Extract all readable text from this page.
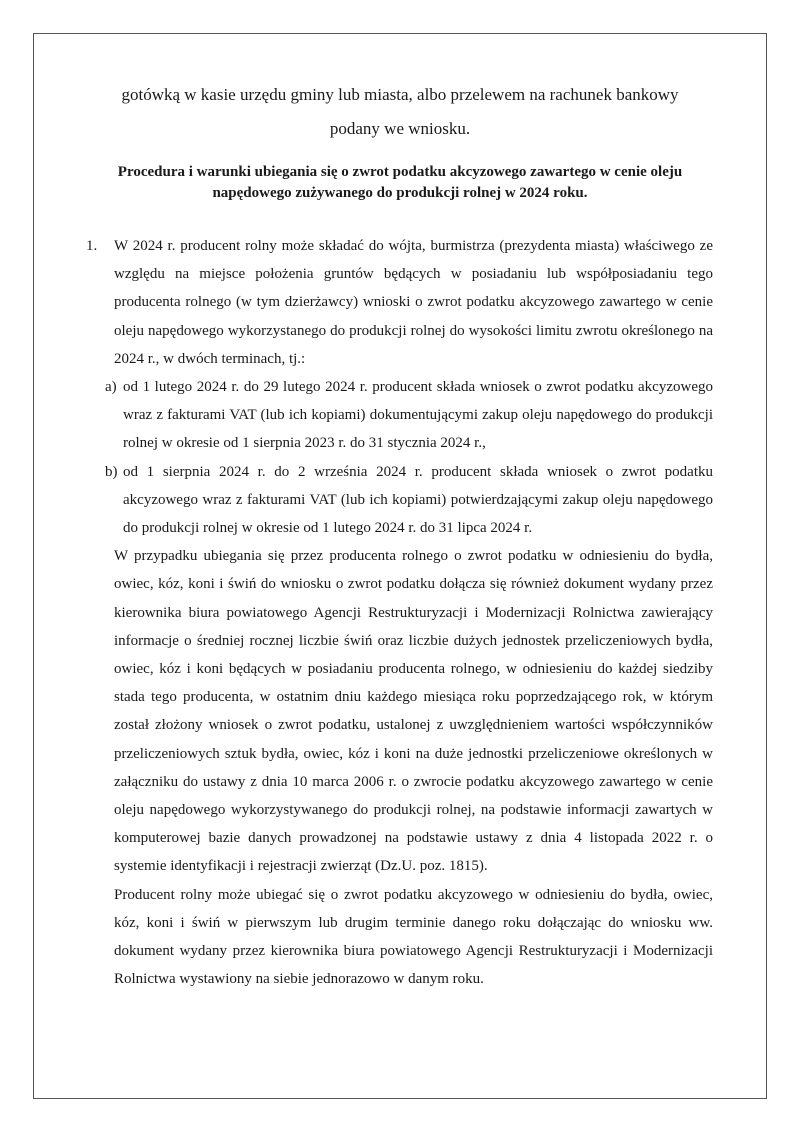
gotówką w kasie urzędu gminy lub miasta, albo przelewem na rachunek bankowy

podany we wniosku.

Procedura i warunki ubiegania się o zwrot podatku akcyzowego zawartego w cenie oleju napędowego zużywanego do produkcji rolnej w 2024 roku.
1.	W 2024 r. producent rolny może składać do wójta, burmistrza (prezydenta miasta) właściwego ze względu na miejsce położenia gruntów będących w posiadaniu lub współposiadaniu tego producenta rolnego (w tym dzierżawcy) wnioski o zwrot podatku akcyzowego zawartego w cenie oleju napędowego wykorzystanego do produkcji rolnej do wysokości limitu zwrotu określonego na 2024 r., w dwóch terminach, tj.:
a) od 1 lutego 2024 r. do 29 lutego 2024 r. producent składa wniosek o zwrot podatku akcyzowego wraz z fakturami VAT (lub ich kopiami) dokumentującymi zakup oleju napędowego do produkcji rolnej w okresie od 1 sierpnia 2023 r. do 31 stycznia 2024 r.,
b) od 1 sierpnia 2024 r. do 2 września 2024 r. producent składa wniosek o zwrot podatku akcyzowego wraz z fakturami VAT (lub ich kopiami) potwierdzającymi zakup oleju napędowego do produkcji rolnej w okresie od 1 lutego 2024 r. do 31 lipca 2024 r.

W przypadku ubiegania się przez producenta rolnego o zwrot podatku w odniesieniu do bydła, owiec, kóz, koni i świń do wniosku o zwrot podatku dołącza się również dokument wydany przez kierownika biura powiatowego Agencji Restrukturyzacji i Modernizacji Rolnictwa zawierający informacje o średniej rocznej liczbie świń oraz liczbie dużych jednostek przeliczeniowych bydła, owiec, kóz i koni będących w posiadaniu producenta rolnego, w odniesieniu do każdej siedziby stada tego producenta, w ostatnim dniu każdego miesiąca roku poprzedzającego rok, w którym został złożony wniosek o zwrot podatku, ustalonej z uwzględnieniem wartości współczynników przeliczeniowych sztuk bydła, owiec, kóz i koni na duże jednostki przeliczeniowe określonych w załączniku do ustawy z dnia 10 marca 2006 r. o zwrocie podatku akcyzowego zawartego w cenie oleju napędowego wykorzystywanego do produkcji rolnej, na podstawie informacji zawartych w komputerowej bazie danych prowadzonej na podstawie ustawy z dnia 4 listopada 2022 r. o systemie identyfikacji i rejestracji zwierząt (Dz.U. poz. 1815).

Producent rolny może ubiegać się o zwrot podatku akcyzowego w odniesieniu do bydła, owiec, kóz, koni i świń w pierwszym lub drugim terminie danego roku dołączając do wniosku ww. dokument wydany przez kierownika biura powiatowego Agencji Restrukturyzacji i Modernizacji Rolnictwa wystawiony na siebie jednorazowo w danym roku.
